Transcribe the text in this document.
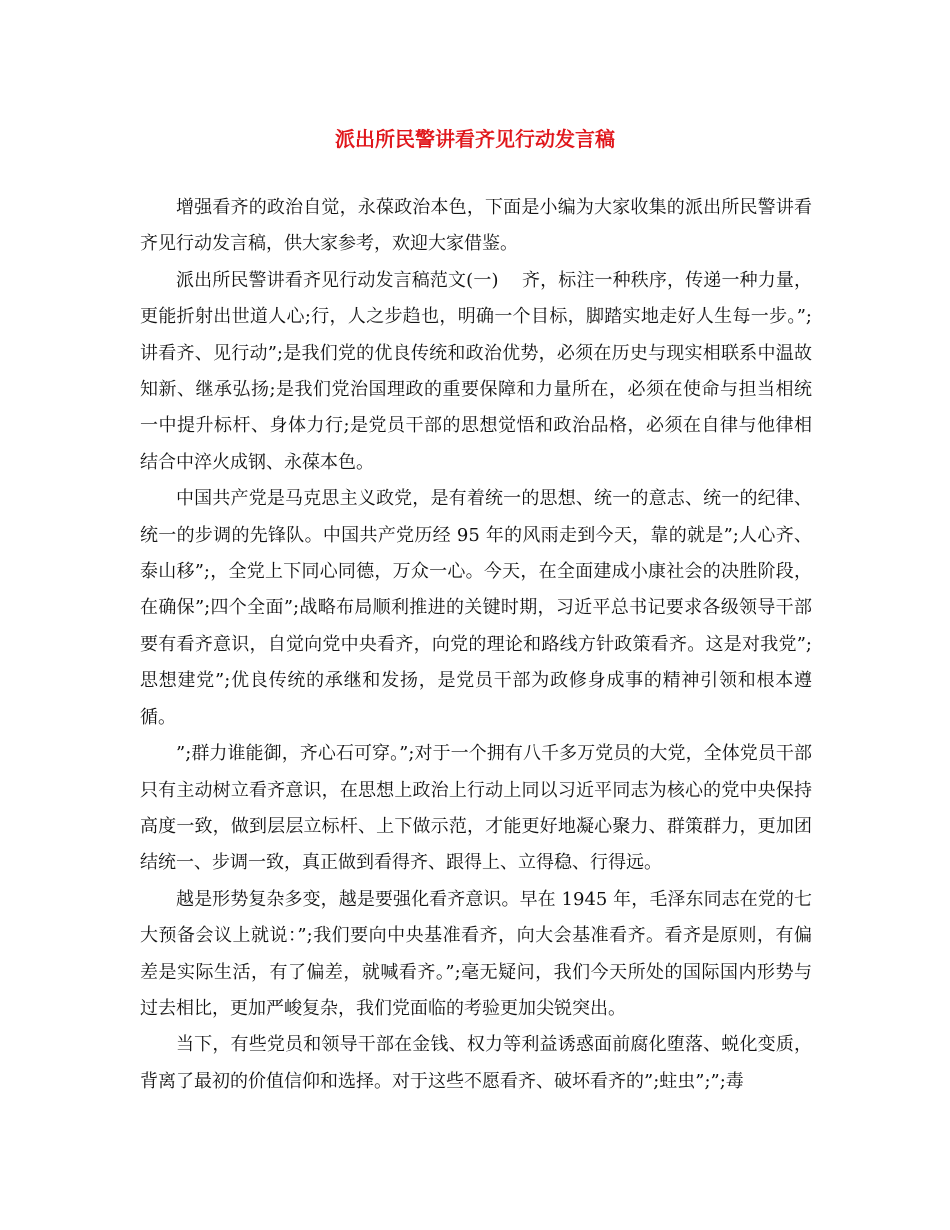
派出所民警讲看齐见行动发言稿

增强看齐的政治自觉，永葆政治本色，下面是小编为大家收集的派出所民警讲看齐见行动发言稿，供大家参考，欢迎大家借鉴。

派出所民警讲看齐见行动发言稿范文(一)    齐，标注一种秩序，传递一种力量，更能折射出世道人心;行，人之步趋也，明确一个目标，脚踏实地走好人生每一步。”;讲看齐、见行动”;是我们党的优良传统和政治优势，必须在历史与现实相联系中温故知新、继承弘扬;是我们党治国理政的重要保障和力量所在，必须在使命与担当相统一中提升标杆、身体力行;是党员干部的思想觉悟和政治品格，必须在自律与他律相结合中淬火成钢、永葆本色。

中国共产党是马克思主义政党，是有着统一的思想、统一的意志、统一的纪律、统一的步调的先锋队。中国共产党历经 95 年的风雨走到今天，靠的就是”;人心齐、泰山移”;，全党上下同心同德，万众一心。今天，在全面建成小康社会的决胜阶段，在确保”;四个全面”;战略布局顺利推进的关键时期，习近平总书记要求各级领导干部要有看齐意识，自觉向党中央看齐，向党的理论和路线方针政策看齐。这是对我党”;思想建党”;优良传统的承继和发扬，是党员干部为政修身成事的精神引领和根本遵循。

”;群力谁能御，齐心石可穿。”;对于一个拥有八千多万党员的大党，全体党员干部只有主动树立看齐意识，在思想上政治上行动上同以习近平同志为核心的党中央保持高度一致，做到层层立标杆、上下做示范，才能更好地凝心聚力、群策群力，更加团结统一、步调一致，真正做到看得齐、跟得上、立得稳、行得远。

越是形势复杂多变，越是要强化看齐意识。早在 1945 年，毛泽东同志在党的七大预备会议上就说：”;我们要向中央基准看齐，向大会基准看齐。看齐是原则，有偏差是实际生活，有了偏差，就喊看齐。”;毫无疑问，我们今天所处的国际国内形势与过去相比，更加严峻复杂，我们党面临的考验更加尖锐突出。

当下，有些党员和领导干部在金钱、权力等利益诱惑面前腐化堕落、蜕化变质，背离了最初的价值信仰和选择。对于这些不愿看齐、破坏看齐的”;蛀虫”;”;毒
